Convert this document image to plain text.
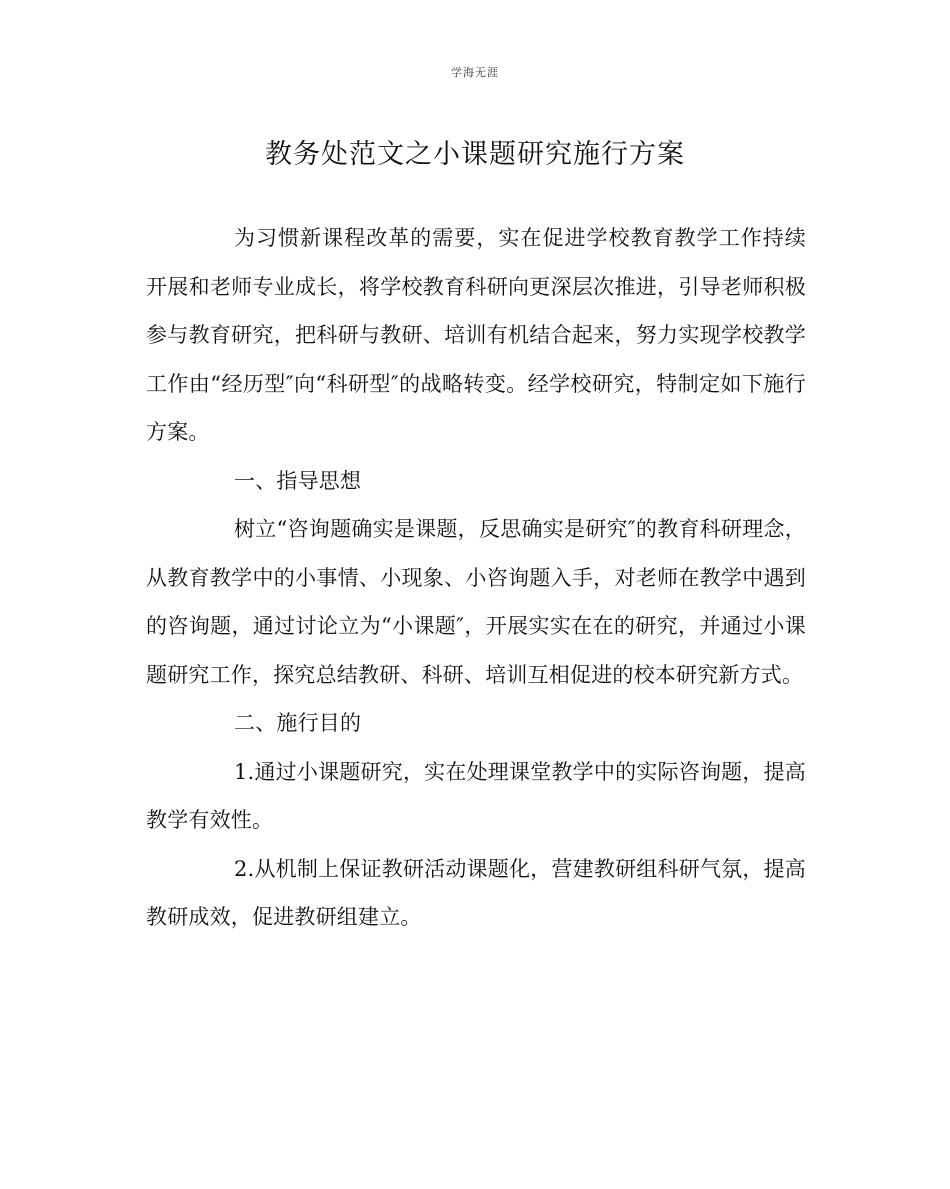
学海无涯
教务处范文之小课题研究施行方案

为习惯新课程改革的需要，实在促进学校教育教学工作持续开展和老师专业成长，将学校教育科研向更深层次推进，引导老师积极参与教育研究，把科研与教研、培训有机结合起来，努力实现学校教学工作由“经历型″向“科研型″的战略转变。经学校研究，特制定如下施行方案。

一、指导思想

树立“咨询题确实是课题，反思确实是研究″的教育科研理念，从教育教学中的小事情、小现象、小咨询题入手，对老师在教学中遇到的咨询题，通过讨论立为“小课题″，开展实实在在的研究，并通过小课题研究工作，探究总结教研、科研、培训互相促进的校本研究新方式。

二、施行目的

1.通过小课题研究，实在处理课堂教学中的实际咨询题，提高教学有效性。

2.从机制上保证教研活动课题化，营建教研组科研气氛，提高教研成效，促进教研组建立。
